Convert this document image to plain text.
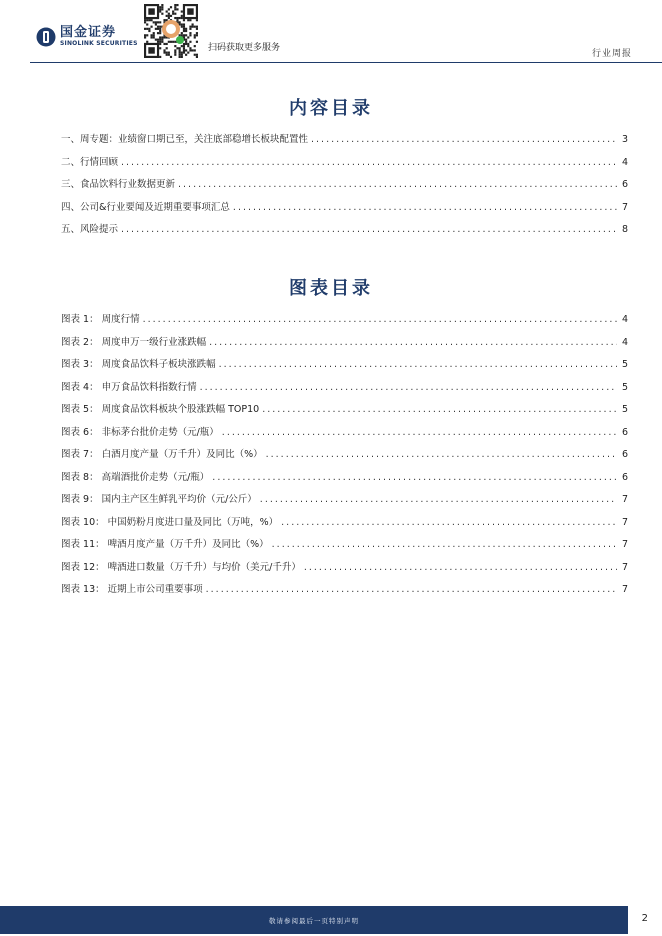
国金证券
SINOLINK SECURITIES	扫码获取更多服务
行业周报
内容目录
一、周专题：业绩窗口期已至，关注底部稳增长板块配置性 .....	3
二、行情回顾 .....	4
三、食品饮料行业数据更新 .....	6
四、公司&行业要闻及近期重要事项汇总 .....	7
五、风险提示 .....	8
图表目录
图表 1： 周度行情 .....	4
图表 2： 周度申万一级行业涨跌幅 .....	4
图表 3： 周度食品饮料子板块涨跌幅 .....	5
图表 4： 申万食品饮料指数行情 .....	5
图表 5： 周度食品饮料板块个股涨跌幅 TOP10 .....	5
图表 6： 非标茅台批价走势（元/瓶） .....	6
图表 7： 白酒月度产量（万千升）及同比（%） .....	6
图表 8： 高端酒批价走势（元/瓶） .....	6
图表 9： 国内主产区生鲜乳平均价（元/公斤） .....	7
图表 10： 中国奶粉月度进口量及同比（万吨，%） .....	7
图表 11： 啤酒月度产量（万千升）及同比（%） .....	7
图表 12： 啤酒进口数量（万千升）与均价（美元/千升） .....	7
图表 13： 近期上市公司重要事项 .....	7
敬请参阅最后一页特别声明	2
